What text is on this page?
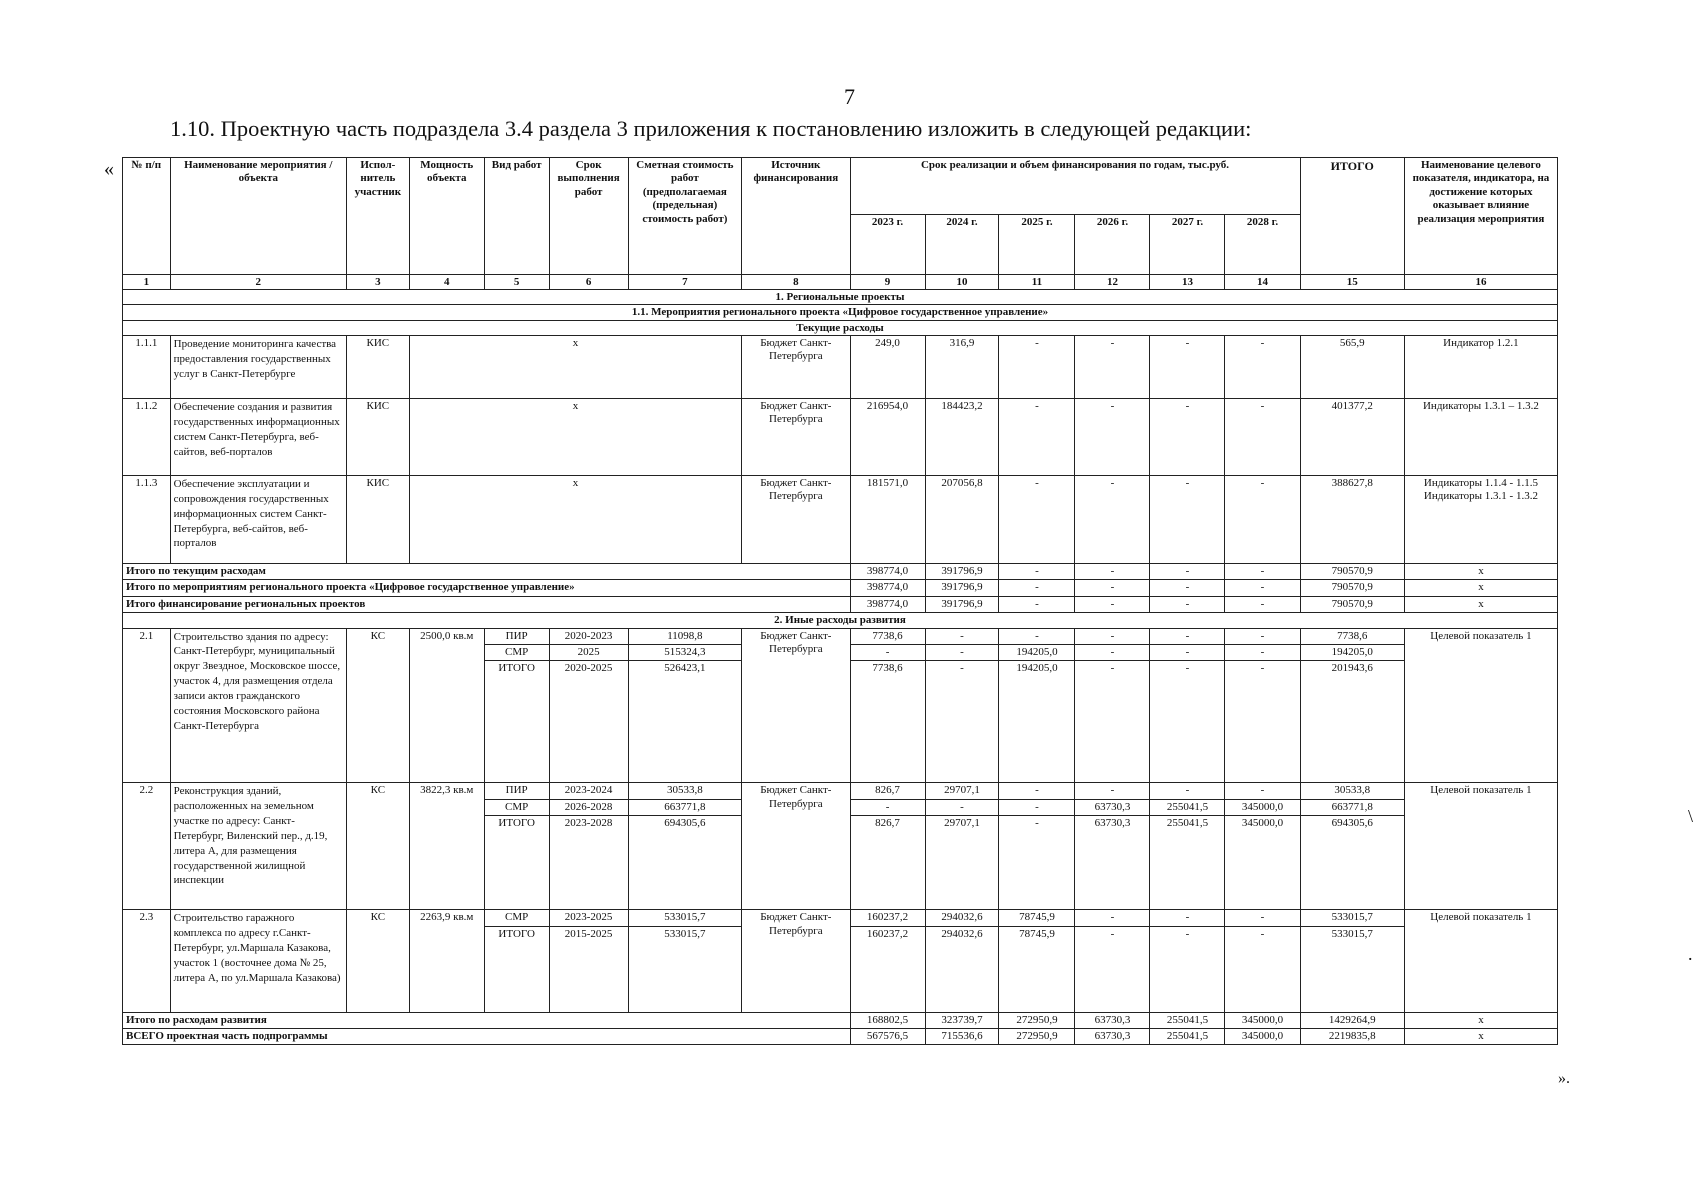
7
1.10. Проектную часть подраздела 3.4 раздела 3 приложения к постановлению изложить в следующей редакции:
«
».
\
.
№ п/п	Наименование мероприятия /объекта	Испол-нитель участник	Мощность объекта	Вид работ	Срок выполнения работ	Сметная стоимость работ (предполагаемая (предельная) стоимость работ)	Источник финансирования	Срок реализации и объем финансирования по годам, тыс.руб.						ИТОГО	Наименование целевого показателя, индикатора, на достижение которых оказывает влияние реализация мероприятия
								2023 г.	2024 г.	2025 г.	2026 г.	2027 г.	2028 г.		
1	2	3	4	5	6	7	8	9	10	11	12	13	14	15	16
1. Региональные проекты															
1.1. Мероприятия регионального проекта «Цифровое государственное управление»															
Текущие расходы															
1.1.1	Проведение мониторинга качества предоставления государственных услуг в Санкт-Петербурге	КИС	x				Бюджет Санкт-Петербурга	249,0	316,9	-	-	-	-	565,9	Индикатор 1.2.1
1.1.2	Обеспечение создания и развития государственных информационных систем Санкт-Петербурга, веб-сайтов, веб-порталов	КИС	x				Бюджет Санкт-Петербурга	216954,0	184423,2	-	-	-	-	401377,2	Индикаторы 1.3.1 – 1.3.2
1.1.3	Обеспечение эксплуатации и сопровождения государственных информационных систем Санкт-Петербурга, веб-сайтов, веб-порталов	КИС	x				Бюджет Санкт-Петербурга	181571,0	207056,8	-	-	-	-	388627,8	Индикаторы 1.1.4 - 1.1.5 Индикаторы 1.3.1 - 1.3.2
Итого по текущим расходам								398774,0	391796,9	-	-	-	-	790570,9	x
Итого по мероприятиям регионального проекта «Цифровое государственное управление»								398774,0	391796,9	-	-	-	-	790570,9	x
Итого финансирование региональных проектов								398774,0	391796,9	-	-	-	-	790570,9	x
2. Иные расходы развития															
2.1	Строительство здания по адресу: Санкт-Петербург, муниципальный округ Звездное, Московское шоссе, участок 4, для размещения отдела записи актов гражданского состояния Московского района Санкт-Петербурга	КС	2500,0 кв.м	ПИР	2020-2023	11098,8	Бюджет Санкт-Петербурга	7738,6	-	-	-	-	-	7738,6	Целевой показатель 1
				СМР	2025	515324,3		-	-	194205,0	-	-	-	194205,0	
				ИТОГО	2020-2025	526423,1		7738,6	-	194205,0	-	-	-	201943,6	
2.2	Реконструкция зданий, расположенных на земельном участке по адресу: Санкт-Петербург, Виленский пер., д.19, литера А, для размещения государственной жилищной инспекции	КС	3822,3 кв.м	ПИР	2023-2024	30533,8	Бюджет Санкт-Петербурга	826,7	29707,1	-	-	-	-	30533,8	Целевой показатель 1
				СМР	2026-2028	663771,8		-	-	-	63730,3	255041,5	345000,0	663771,8	
				ИТОГО	2023-2028	694305,6		826,7	29707,1	-	63730,3	255041,5	345000,0	694305,6	
2.3	Строительство гаражного комплекса по адресу г.Санкт-Петербург, ул.Маршала Казакова, участок 1 (восточнее дома № 25, литера А, по ул.Маршала Казакова)	КС	2263,9 кв.м	СМР	2023-2025	533015,7	Бюджет Санкт-Петербурга	160237,2	294032,6	78745,9	-	-	-	533015,7	Целевой показатель 1
				ИТОГО	2015-2025	533015,7		160237,2	294032,6	78745,9	-	-	-	533015,7	
Итого по расходам развития								168802,5	323739,7	272950,9	63730,3	255041,5	345000,0	1429264,9	x
ВСЕГО проектная часть подпрограммы								567576,5	715536,6	272950,9	63730,3	255041,5	345000,0	2219835,8	x
